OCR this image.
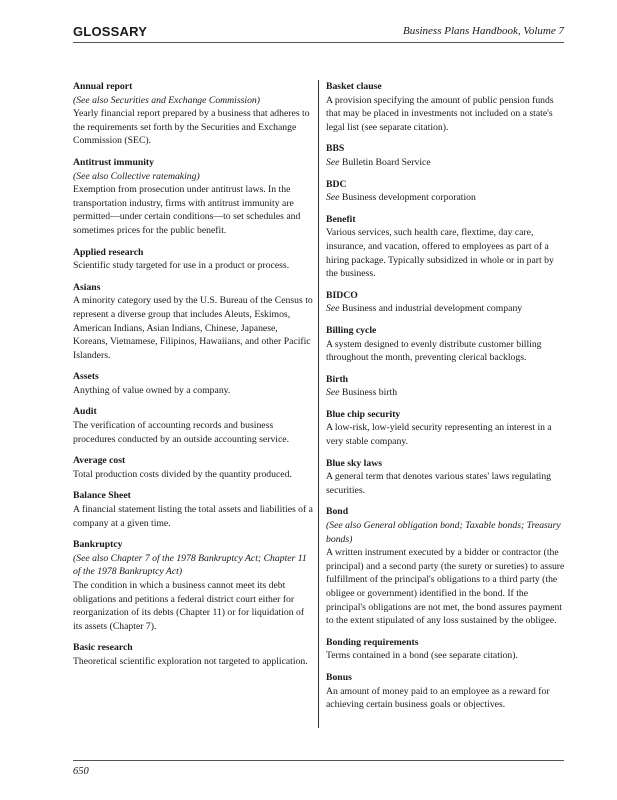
GLOSSARY	Business Plans Handbook, Volume 7
Annual report
(See also Securities and Exchange Commission)
Yearly financial report prepared by a business that adheres to the requirements set forth by the Securities and Exchange Commission (SEC).
Antitrust immunity
(See also Collective ratemaking)
Exemption from prosecution under antitrust laws. In the transportation industry, firms with antitrust immunity are permitted—under certain conditions—to set schedules and sometimes prices for the public benefit.
Applied research
Scientific study targeted for use in a product or process.
Asians
A minority category used by the U.S. Bureau of the Census to represent a diverse group that includes Aleuts, Eskimos, American Indians, Asian Indians, Chinese, Japanese, Koreans, Vietnamese, Filipinos, Hawaiians, and other Pacific Islanders.
Assets
Anything of value owned by a company.
Audit
The verification of accounting records and business procedures conducted by an outside accounting service.
Average cost
Total production costs divided by the quantity produced.
Balance Sheet
A financial statement listing the total assets and liabilities of a company at a given time.
Bankruptcy
(See also Chapter 7 of the 1978 Bankruptcy Act; Chapter 11 of the 1978 Bankruptcy Act)
The condition in which a business cannot meet its debt obligations and petitions a federal district court either for reorganization of its debts (Chapter 11) or for liquidation of its assets (Chapter 7).
Basic research
Theoretical scientific exploration not targeted to application.
Basket clause
A provision specifying the amount of public pension funds that may be placed in investments not included on a state's legal list (see separate citation).
BBS
See Bulletin Board Service
BDC
See Business development corporation
Benefit
Various services, such health care, flextime, day care, insurance, and vacation, offered to employees as part of a hiring package. Typically subsidized in whole or in part by the business.
BIDCO
See Business and industrial development company
Billing cycle
A system designed to evenly distribute customer billing throughout the month, preventing clerical backlogs.
Birth
See Business birth
Blue chip security
A low-risk, low-yield security representing an interest in a very stable company.
Blue sky laws
A general term that denotes various states' laws regulating securities.
Bond
(See also General obligation bond; Taxable bonds; Treasury bonds)
A written instrument executed by a bidder or contractor (the principal) and a second party (the surety or sureties) to assure fulfillment of the principal's obligations to a third party (the obligee or government) identified in the bond. If the principal's obligations are not met, the bond assures payment to the extent stipulated of any loss sustained by the obligee.
Bonding requirements
Terms contained in a bond (see separate citation).
Bonus
An amount of money paid to an employee as a reward for achieving certain business goals or objectives.
650
